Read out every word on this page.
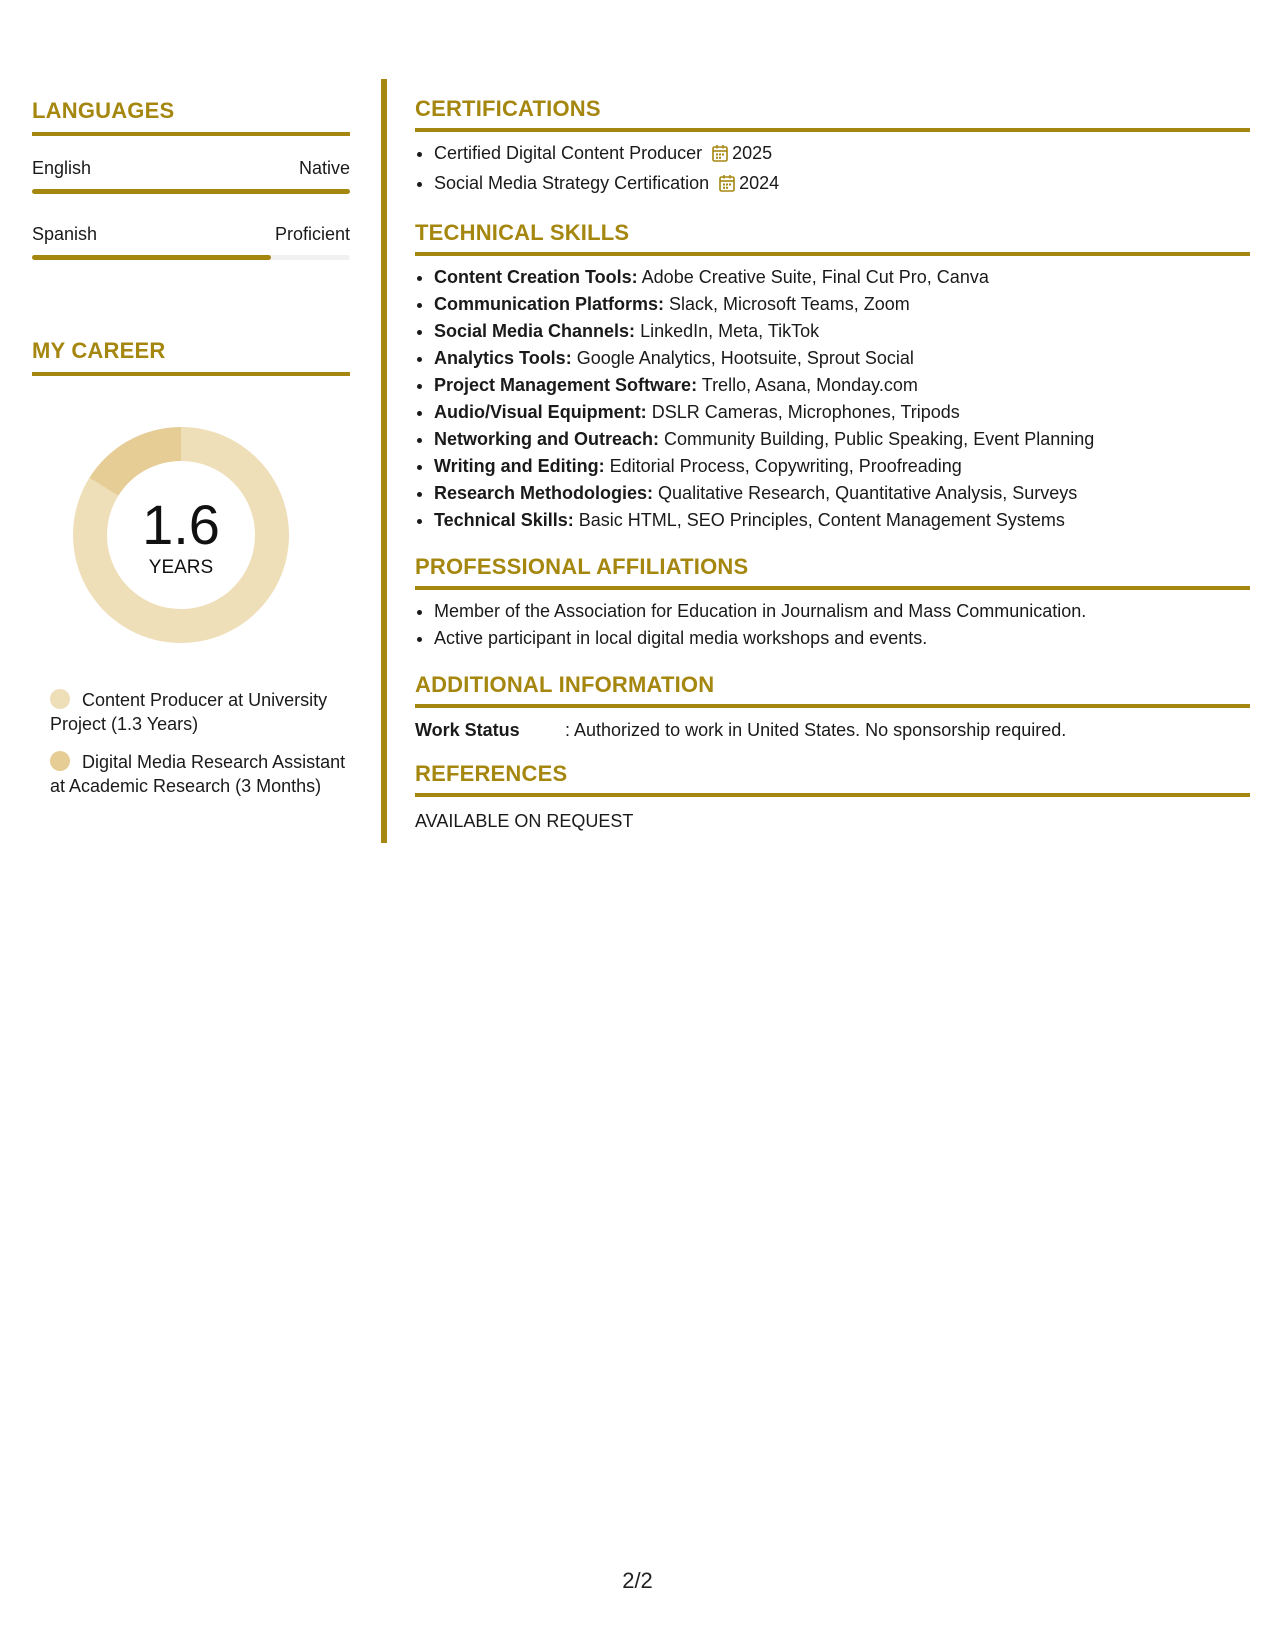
LANGUAGES
English	Native
Spanish	Proficient
MY CAREER
1.6
YEARS
Content Producer at University Project (1.3 Years)
Digital Media Research Assistant at Academic Research (3 Months)
CERTIFICATIONS
• Certified Digital Content Producer 2025
• Social Media Strategy Certification 2024
TECHNICAL SKILLS
• Content Creation Tools: Adobe Creative Suite, Final Cut Pro, Canva
• Communication Platforms: Slack, Microsoft Teams, Zoom
• Social Media Channels: LinkedIn, Meta, TikTok
• Analytics Tools: Google Analytics, Hootsuite, Sprout Social
• Project Management Software: Trello, Asana, Monday.com
• Audio/Visual Equipment: DSLR Cameras, Microphones, Tripods
• Networking and Outreach: Community Building, Public Speaking, Event Planning
• Writing and Editing: Editorial Process, Copywriting, Proofreading
• Research Methodologies: Qualitative Research, Quantitative Analysis, Surveys
• Technical Skills: Basic HTML, SEO Principles, Content Management Systems
PROFESSIONAL AFFILIATIONS
• Member of the Association for Education in Journalism and Mass Communication.
• Active participant in local digital media workshops and events.
ADDITIONAL INFORMATION
Work Status	: Authorized to work in United States. No sponsorship required.
REFERENCES
AVAILABLE ON REQUEST
2/2
